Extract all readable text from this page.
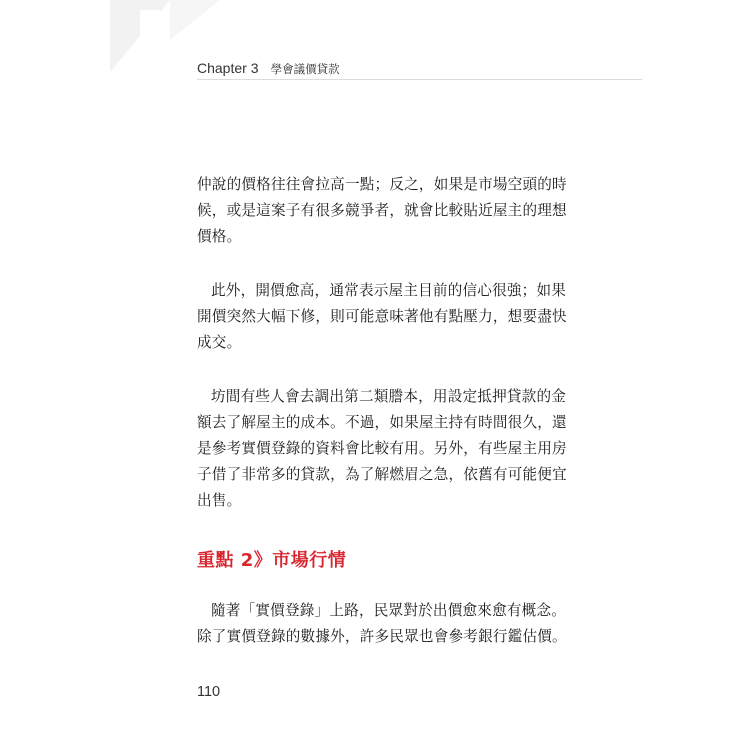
Chapter 3 學會議價貸款

仲說的價格往往會拉高一點；反之，如果是市場空頭的時
候，或是這案子有很多競爭者，就會比較貼近屋主的理想
價格。

此外，開價愈高，通常表示屋主目前的信心很強；如果
開價突然大幅下修，則可能意味著他有點壓力，想要盡快
成交。

坊間有些人會去調出第二類謄本，用設定抵押貸款的金
額去了解屋主的成本。不過，如果屋主持有時間很久，還
是參考實價登錄的資料會比較有用。另外，有些屋主用房
子借了非常多的貸款，為了解燃眉之急，依舊有可能便宜
出售。

重點 2》市場行情

隨著「實價登錄」上路，民眾對於出價愈來愈有概念。
除了實價登錄的數據外，許多民眾也會參考銀行鑑估價。

110
